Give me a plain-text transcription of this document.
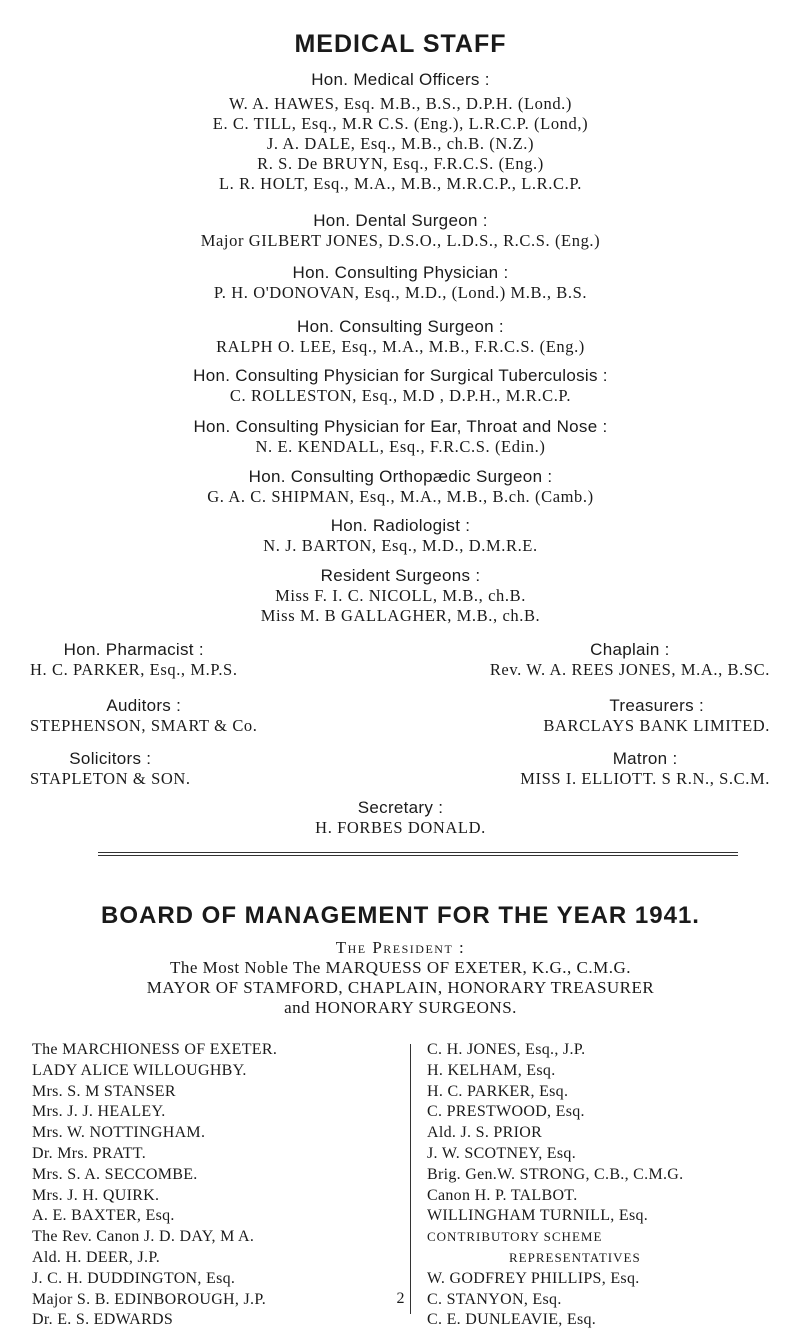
MEDICAL STAFF
Hon. Medical Officers :
W. A. HAWES, Esq. M.B., B.S., D.P.H. (Lond.)
E. C. TILL, Esq., M.R C.S. (Eng.), L.R.C.P. (Lond,)
J. A. DALE, Esq., M.B., ch.B. (N.Z.)
R. S. De BRUYN, Esq., F.R.C.S. (Eng.)
L. R. HOLT, Esq., M.A., M.B., M.R.C.P., L.R.C.P.
Hon. Dental Surgeon :
Major GILBERT JONES, D.S.O., L.D.S., R.C.S. (Eng.)
Hon. Consulting Physician :
P. H. O'DONOVAN, Esq., M.D., (Lond.) M.B., B.S.
Hon. Consulting Surgeon :
RALPH O. LEE, Esq., M.A., M.B., F.R.C.S. (Eng.)
Hon. Consulting Physician for Surgical Tuberculosis :
C. ROLLESTON, Esq., M.D , D.P.H., M.R.C.P.
Hon. Consulting Physician for Ear, Throat and Nose :
N. E. KENDALL, Esq., F.R.C.S. (Edin.)
Hon. Consulting Orthopædic Surgeon :
G. A. C. SHIPMAN, Esq., M.A., M.B., B.ch. (Camb.)
Hon. Radiologist :
N. J. BARTON, Esq., M.D., D.M.R.E.
Resident Surgeons :
Miss F. I. C. NICOLL, M.B., ch.B.
Miss M. B GALLAGHER, M.B., ch.B.
Hon. Pharmacist :
H. C. PARKER, Esq., M.P.S.
Chaplain :
Rev. W. A. REES JONES, M.A., B.SC.
Auditors :
STEPHENSON, SMART & Co.
Treasurers :
BARCLAYS BANK LIMITED.
Solicitors :
STAPLETON & SON.
Matron :
MISS I. ELLIOTT. S R.N., S.C.M.
Secretary :
H. FORBES DONALD.
BOARD OF MANAGEMENT FOR THE YEAR 1941.
The President :
The Most Noble The MARQUESS OF EXETER, K.G., C.M.G.
MAYOR OF STAMFORD, CHAPLAIN, HONORARY TREASURER
and HONORARY SURGEONS.
The MARCHIONESS OF EXETER.
LADY ALICE WILLOUGHBY.
Mrs. S. M STANSER
Mrs. J. J. HEALEY.
Mrs. W. NOTTINGHAM.
Dr. Mrs. PRATT.
Mrs. S. A. SECCOMBE.
Mrs. J. H. QUIRK.
A. E. BAXTER, Esq.
The Rev. Canon J. D. DAY, M A.
Ald. H. DEER, J.P.
J. C. H. DUDDINGTON, Esq.
Major S. B. EDINBOROUGH, J.P.
Dr. E. S. EDWARDS
C. H. JONES, Esq., J.P.
H. KELHAM, Esq.
H. C. PARKER, Esq.
C. PRESTWOOD, Esq.
Ald. J. S. PRIOR
J. W. SCOTNEY, Esq.
Brig. Gen.W. STRONG, C.B., C.M.G.
Canon H. P. TALBOT.
WILLINGHAM TURNILL, Esq.
CONTRIBUTORY SCHEME
REPRESENTATIVES
W. GODFREY PHILLIPS, Esq.
C. STANYON, Esq.
C. E. DUNLEAVIE, Esq.
2
